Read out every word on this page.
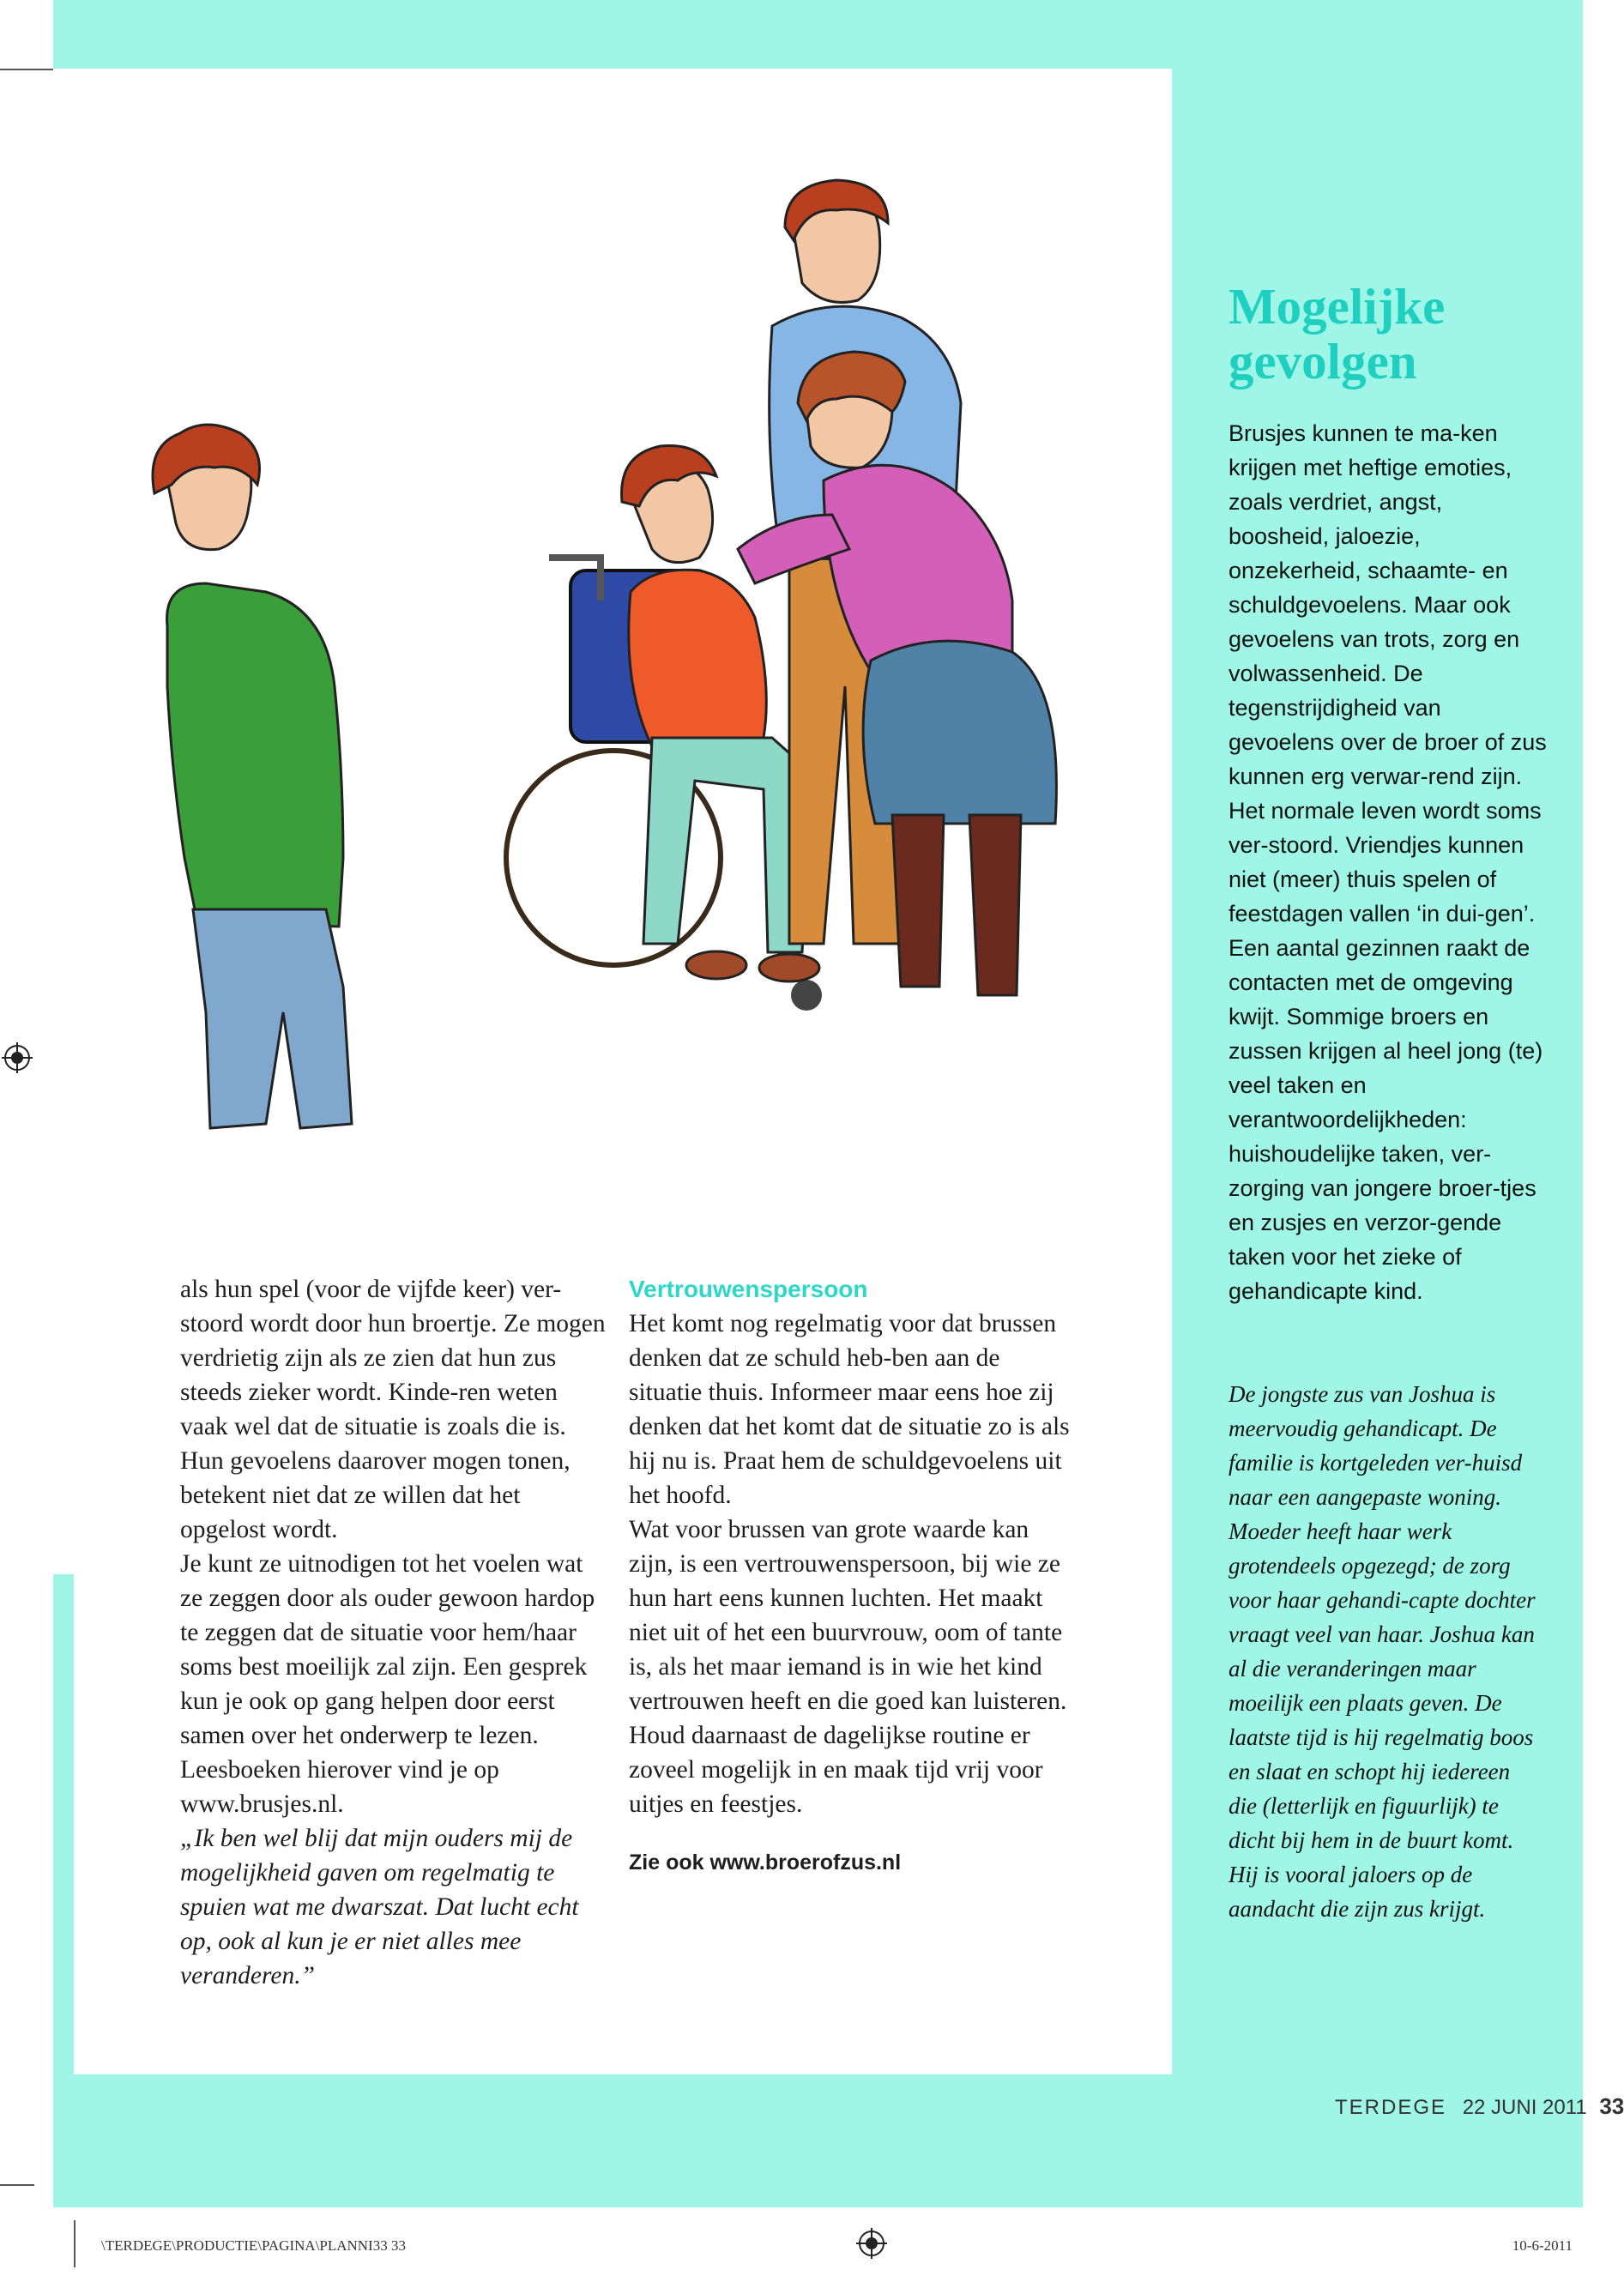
als hun spel (voor de vijfde keer) ver-stoord wordt door hun broertje. Ze mogen verdrietig zijn als ze zien dat hun zus steeds zieker wordt. Kinde-ren weten vaak wel dat de situatie is zoals die is. Hun gevoelens daarover mogen tonen, betekent niet dat ze willen dat het opgelost wordt.

Je kunt ze uitnodigen tot het voelen wat ze zeggen door als ouder gewoon hardop te zeggen dat de situatie voor hem/haar soms best moeilijk zal zijn. Een gesprek kun je ook op gang helpen door eerst samen over het onderwerp te lezen. Leesboeken hierover vind je op www.brusjes.nl.

„Ik ben wel blij dat mijn ouders mij de mogelijkheid gaven om regelmatig te spuien wat me dwarszat. Dat lucht echt op, ook al kun je er niet alles mee veranderen.”

Vertrouwenspersoon

Het komt nog regelmatig voor dat brussen denken dat ze schuld heb-ben aan de situatie thuis. Informeer maar eens hoe zij denken dat het komt dat de situatie zo is als hij nu is. Praat hem de schuldgevoelens uit het hoofd.

Wat voor brussen van grote waarde kan zijn, is een vertrouwenspersoon, bij wie ze hun hart eens kunnen luchten. Het maakt niet uit of het een buurvrouw, oom of tante is, als het maar iemand is in wie het kind vertrouwen heeft en die goed kan luisteren.

Houd daarnaast de dagelijkse routine er zoveel mogelijk in en maak tijd vrij voor uitjes en feestjes.

Zie ook www.broerofzus.nl

Mogelijke
gevolgen
Brusjes kunnen te ma-ken krijgen met heftige emoties, zoals verdriet, angst, boosheid, jaloezie, onzekerheid, schaamte- en schuldgevoelens. Maar ook gevoelens van trots, zorg en volwassenheid. De tegenstrijdigheid van gevoelens over de broer of zus kunnen erg verwar-rend zijn. Het normale leven wordt soms ver-stoord. Vriendjes kunnen niet (meer) thuis spelen of feestdagen vallen ‘in dui-gen’. Een aantal gezinnen raakt de contacten met de omgeving kwijt. Sommige broers en zussen krijgen al heel jong (te) veel taken en verantwoordelijkheden: huishoudelijke taken, ver-zorging van jongere broer-tjes en zusjes en verzor-gende taken voor het zieke of gehandicapte kind.
De jongste zus van Joshua is meervoudig gehandicapt. De familie is kortgeleden ver-huisd naar een aangepaste woning. Moeder heeft haar werk grotendeels opgezegd; de zorg voor haar gehandi-capte dochter vraagt veel van haar. Joshua kan al die veranderingen maar moeilijk een plaats geven. De laatste tijd is hij regelmatig boos en slaat en schopt hij iedereen die (letterlijk en figuurlijk) te dicht bij hem in de buurt komt. Hij is vooral jaloers op de aandacht die zijn zus krijgt.
TERDEGE 22 JUNI 2011 33
\TERDEGE\PRODUCTIE\PAGINA\PLANNI33 33	10-6-2011
